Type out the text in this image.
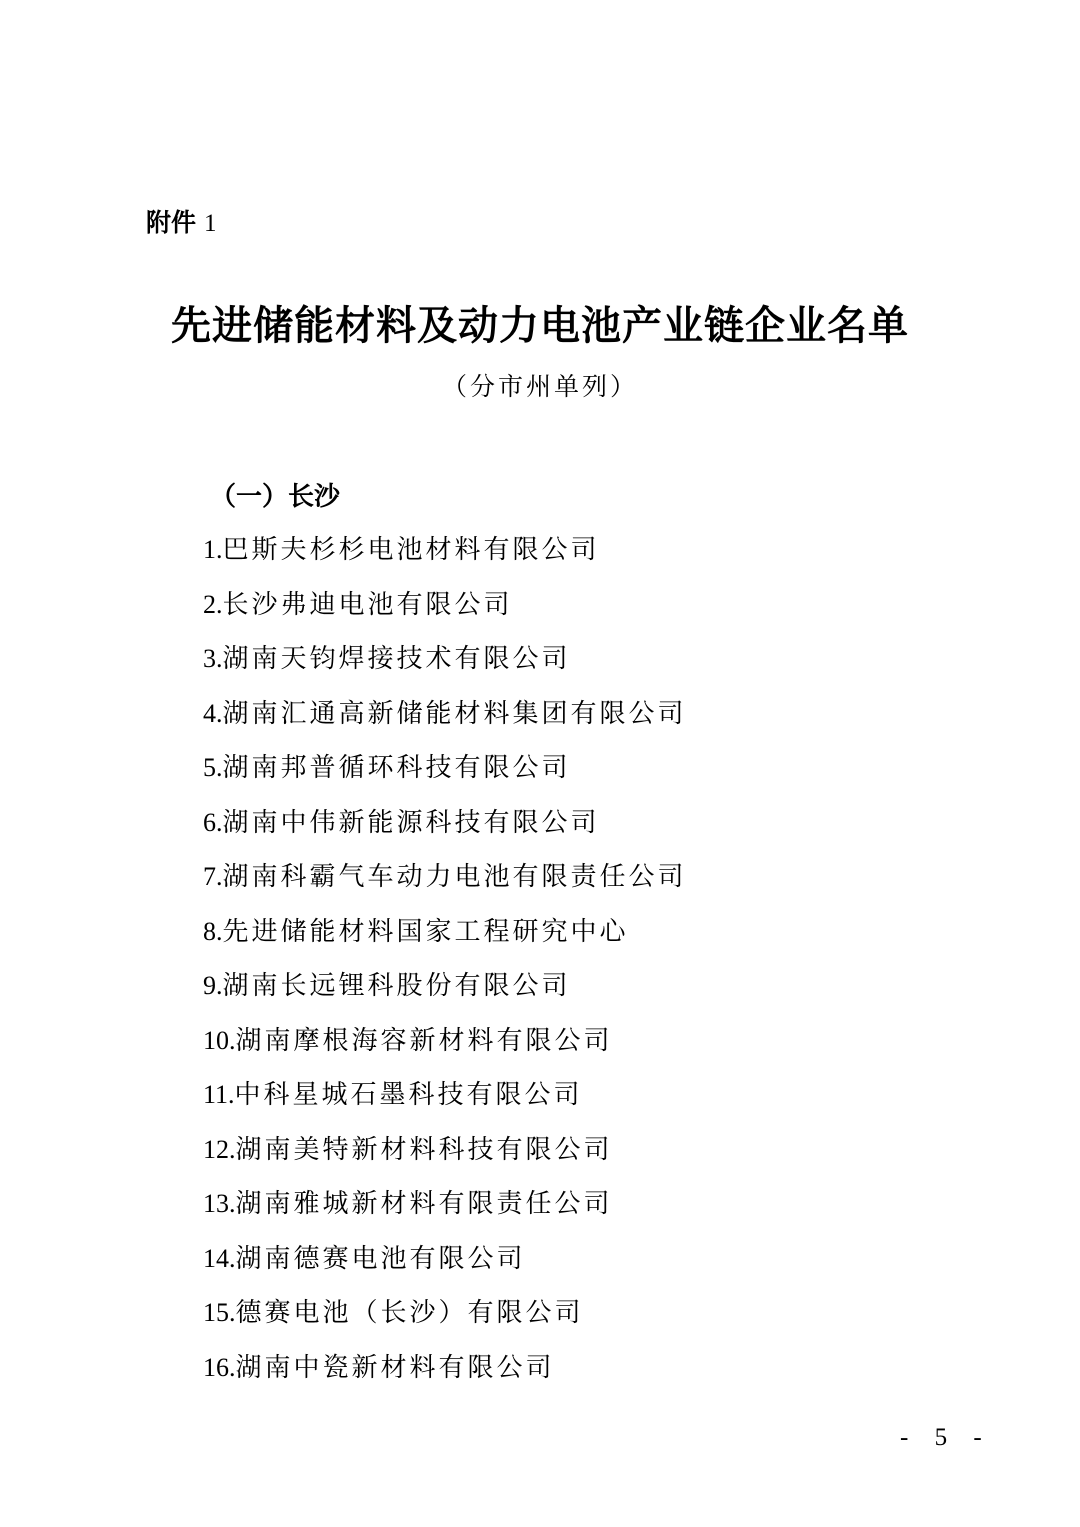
附件 1
先进储能材料及动力电池产业链企业名单
（分市州单列）
（一）长沙
1.巴斯夫杉杉电池材料有限公司
2.长沙弗迪电池有限公司
3.湖南天钧焊接技术有限公司
4.湖南汇通高新储能材料集团有限公司
5.湖南邦普循环科技有限公司
6.湖南中伟新能源科技有限公司
7.湖南科霸气车动力电池有限责任公司
8.先进储能材料国家工程研究中心
9.湖南长远锂科股份有限公司
10.湖南摩根海容新材料有限公司
11.中科星城石墨科技有限公司
12.湖南美特新材料科技有限公司
13.湖南雅城新材料有限责任公司
14.湖南德赛电池有限公司
15.德赛电池（长沙）有限公司
16.湖南中瓷新材料有限公司
- 5 -
